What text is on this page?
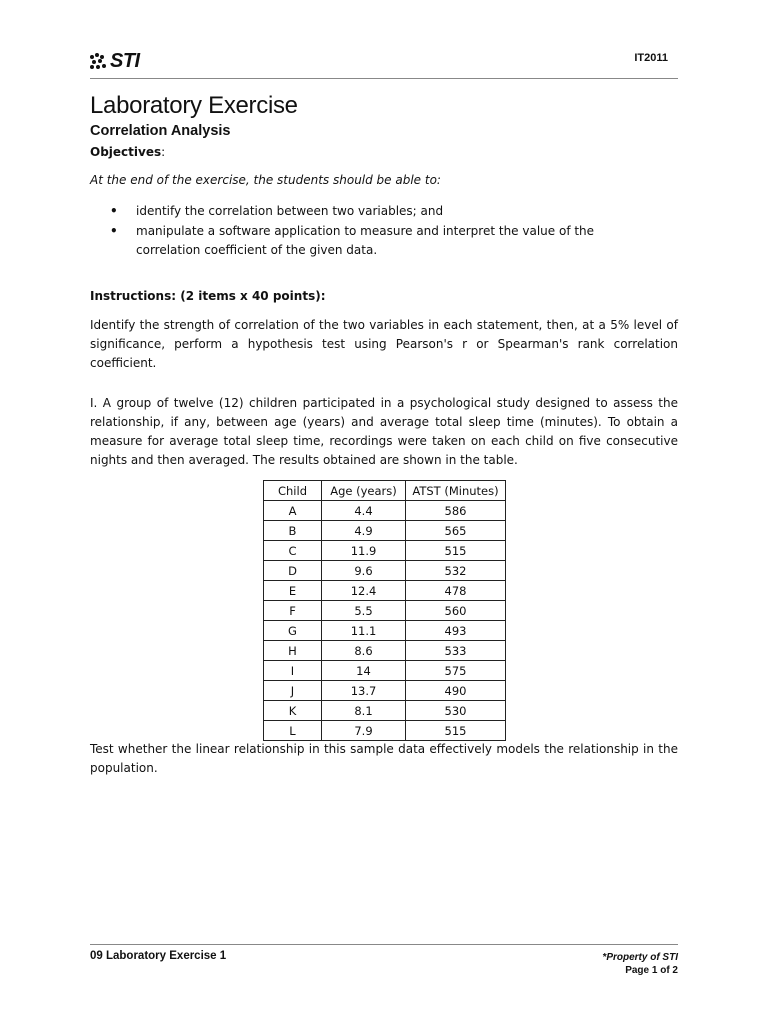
STI	IT2011
Laboratory Exercise
Correlation Analysis
Objectives:
At the end of the exercise, the students should be able to:
• identify the correlation between two variables; and
• manipulate a software application to measure and interpret the value of the correlation coefficient of the given data.
Instructions: (2 items x 40 points):
Identify the strength of correlation of the two variables in each statement, then, at a 5% level of significance, perform a hypothesis test using Pearson's r or Spearman's rank correlation coefficient.
I. A group of twelve (12) children participated in a psychological study designed to assess the relationship, if any, between age (years) and average total sleep time (minutes). To obtain a measure for average total sleep time, recordings were taken on each child on five consecutive nights and then averaged. The results obtained are shown in the table.
Child	Age (years)	ATST (Minutes)
A	4.4	586
B	4.9	565
C	11.9	515
D	9.6	532
E	12.4	478
F	5.5	560
G	11.1	493
H	8.6	533
I	14	575
J	13.7	490
K	8.1	530
L	7.9	515
Test whether the linear relationship in this sample data effectively models the relationship in the population.
09 Laboratory Exercise 1	*Property of STI
Page 1 of 2
